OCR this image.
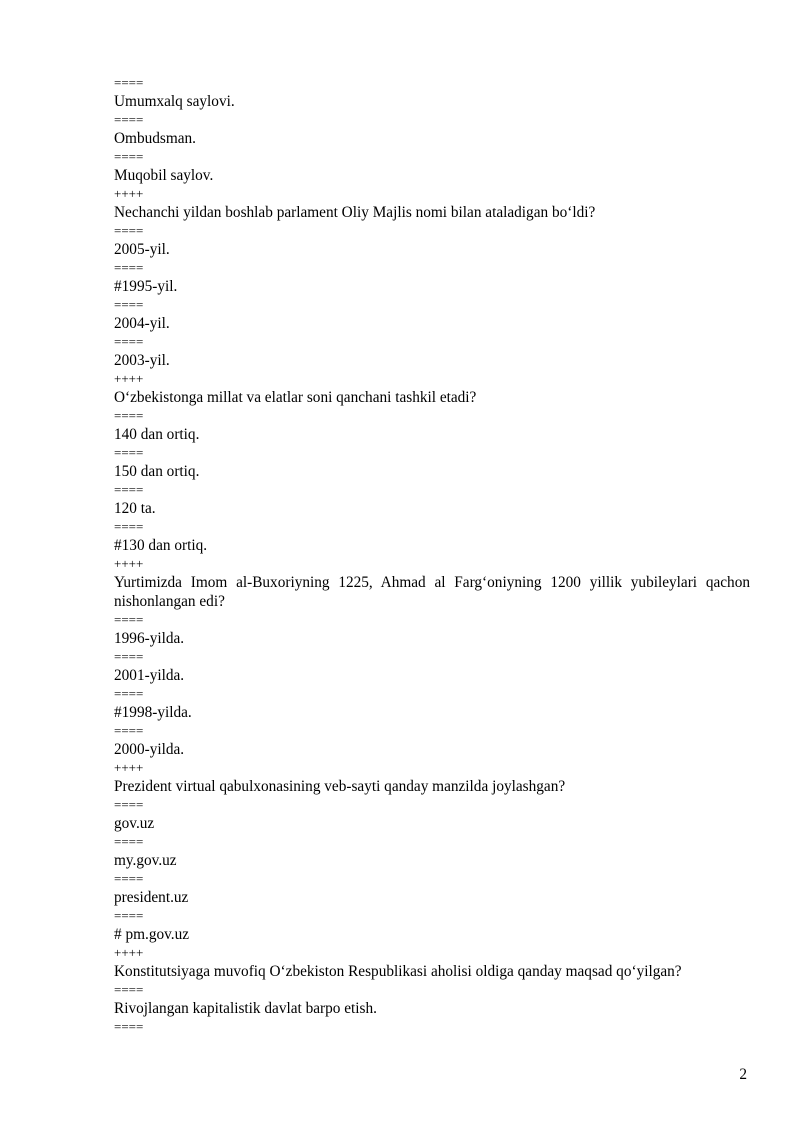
====
Umumxalq saylovi.
====
Ombudsman.
====
Muqobil saylov.
++++
Nechanchi yildan boshlab parlament Oliy Majlis nomi bilan ataladigan bo‘ldi?
====
2005-yil.
====
#1995-yil.
====
2004-yil.
====
2003-yil.
++++
O‘zbekistonga millat va elatlar soni qanchani tashkil etadi?
====
140 dan ortiq.
====
150 dan ortiq.
====
120 ta.
====
#130 dan ortiq.
++++
Yurtimizda Imom al-Buxoriyning 1225, Ahmad al Farg‘oniyning 1200 yillik yubileylari qachon nishonlangan edi?
====
1996-yilda.
====
2001-yilda.
====
#1998-yilda.
====
2000-yilda.
++++
Prezident virtual qabulxonasining veb-sayti qanday manzilda joylashgan?
====
gov.uz
====
my.gov.uz
====
president.uz
====
# pm.gov.uz
++++
Konstitutsiyaga muvofiq O‘zbekiston Respublikasi aholisi oldiga qanday maqsad qo‘yilgan?
====
Rivojlangan kapitalistik davlat barpo etish.
====
2
